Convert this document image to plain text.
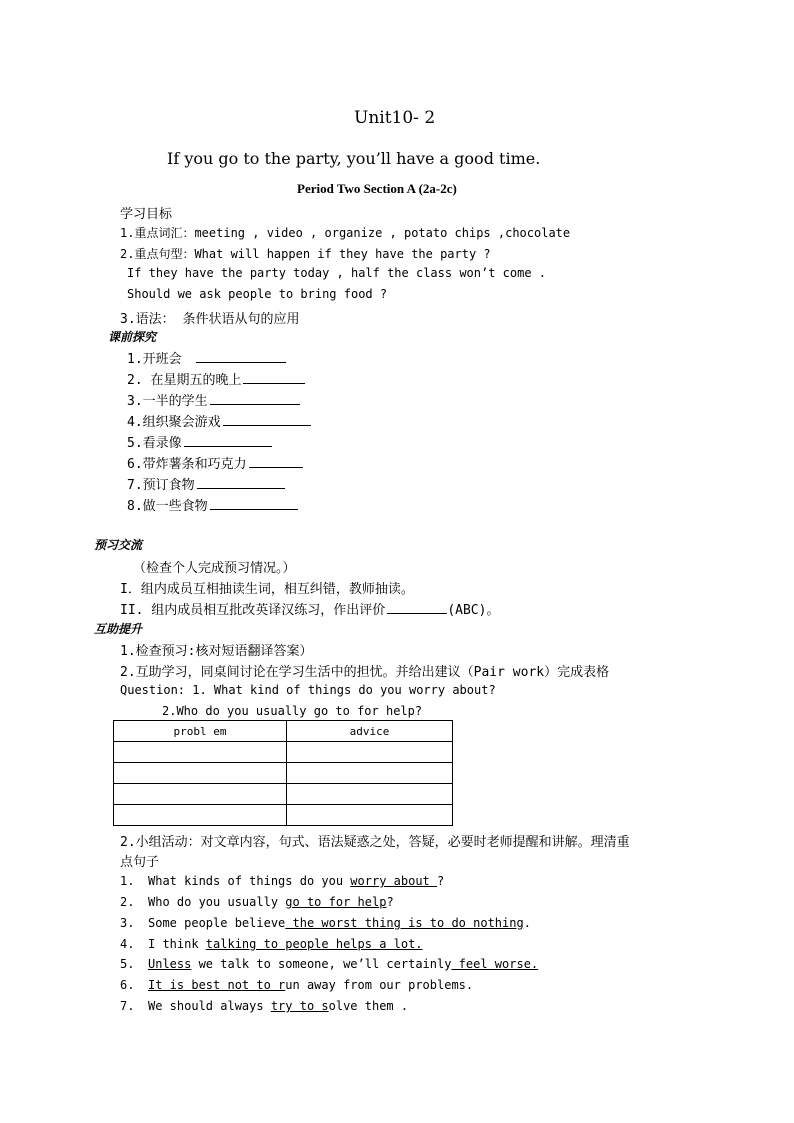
Unit10- 2
If you go to the party, you’ll have a good time.
Period Two Section A (2a-2c)
学习目标
1.重点词汇：meeting , video , organize , potato chips ,chocolate
2.重点句型：What will happen if they have the party ?
If they have the party today , half the class won’t come .
Should we ask people to bring food ?
3.语法： 条件状语从句的应用
课前探究
1.开班会
2. 在星期五的晚上
3.一半的学生
4.组织聚会游戏
5.看录像
6.带炸薯条和巧克力
7.预订食物
8.做一些食物
预习交流
（检查个人完成预习情况。）
I．组内成员互相抽读生词，相互纠错，教师抽读。
II. 组内成员相互批改英译汉练习，作出评价	(ABC)。
互助提升
1.检查预习:核对短语翻译答案）
2.互助学习，同桌间讨论在学习生活中的担忧。并给出建议（Pair work）完成表格
Question: 1. What kind of things do you worry about?
2.Who do you usually go to for help?
probl em	advice

2.小组活动：对文章内容，句式、语法疑惑之处，答疑，必要时老师提醒和讲解。理清重
点句子
1. What kinds of things do you worry about ?
2. Who do you usually go to for help?
3. Some people believe the worst thing is to do nothing.
4. I think talking to people helps a lot.
5. Unless we talk to someone, we’ll certainly feel worse.
6. It is best not to run away from our problems.
7. We should always try to solve them .
